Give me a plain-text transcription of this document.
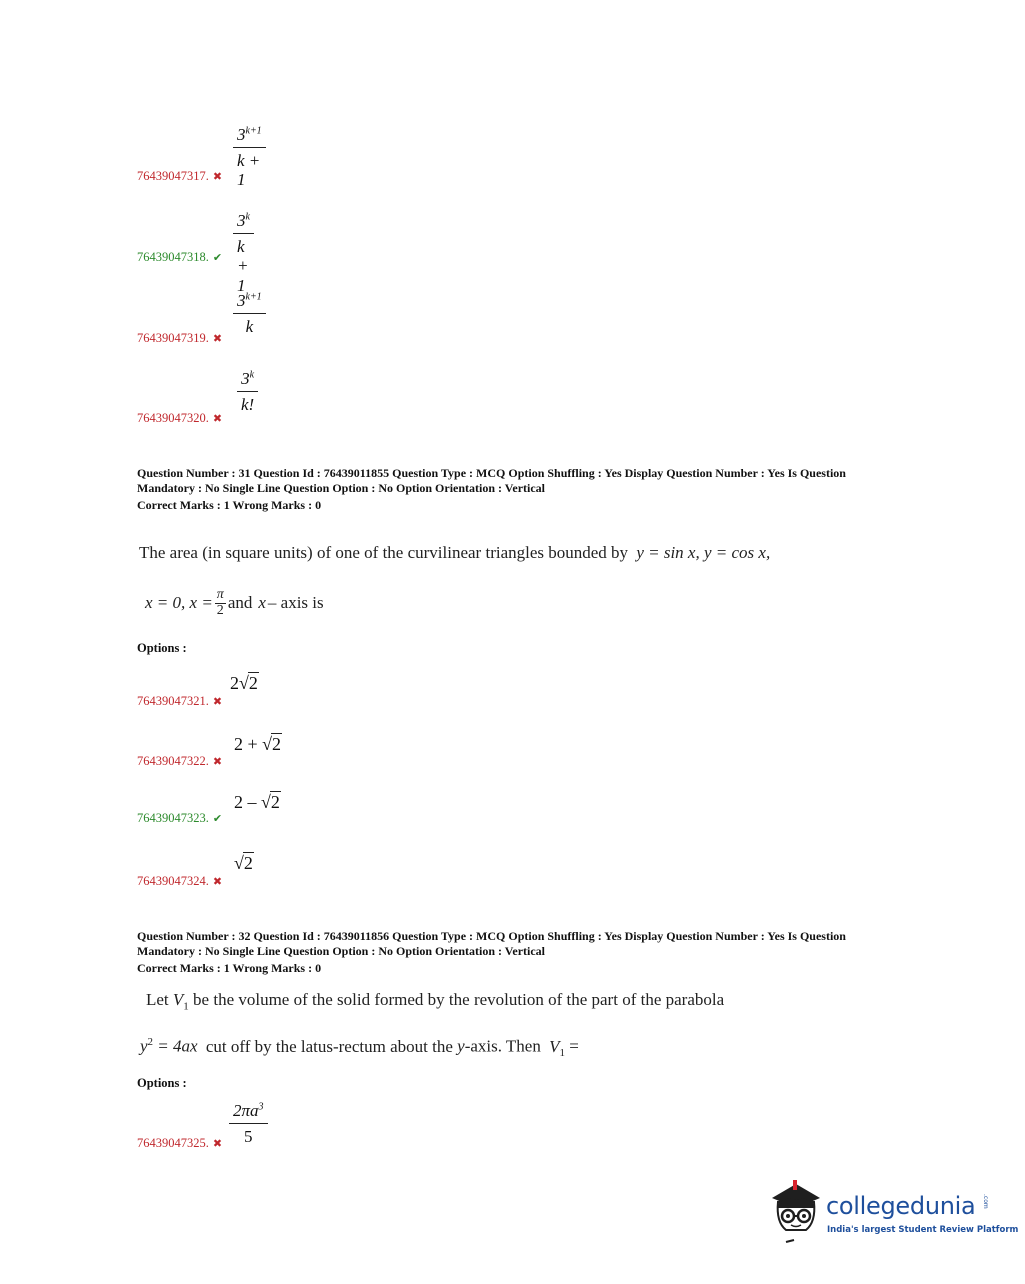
$\frac{3^{k+1}}{k + 1}$
76439047317. ✖
$\frac{3^k}{k + 1}$
76439047318. ✔
$\frac{3^{k+1}}{k}$
76439047319. ✖
$\frac{3^k}{k!}$
76439047320. ✖
Question Number : 31 Question Id : 76439011855 Question Type : MCQ Option Shuffling : Yes Display Question Number : Yes Is Question
Mandatory : No Single Line Question Option : No Option Orientation : Vertical
Correct Marks : 1 Wrong Marks : 0
The area (in square units) of one of the curvilinear triangles bounded by y = sin x, y = cos x,
x = 0, $x = \frac{\pi}{2}$ and x – axis is
Options :
2√2
76439047321. ✖
2 + √2
76439047322. ✖
2 – √2
76439047323. ✔
√2
76439047324. ✖
Question Number : 32 Question Id : 76439011856 Question Type : MCQ Option Shuffling : Yes Display Question Number : Yes Is Question
Mandatory : No Single Line Question Option : No Option Orientation : Vertical
Correct Marks : 1 Wrong Marks : 0
Let $V_1$ be the volume of the solid formed by the revolution of the part of the parabola
$y^2 = 4ax$ cut off by the latus-rectum about the y-axis. Then $V_1$ =
Options :
$\frac{2\pi a^3}{5}$
76439047325. ✖
collegedunia .com
India's largest Student Review Platform
